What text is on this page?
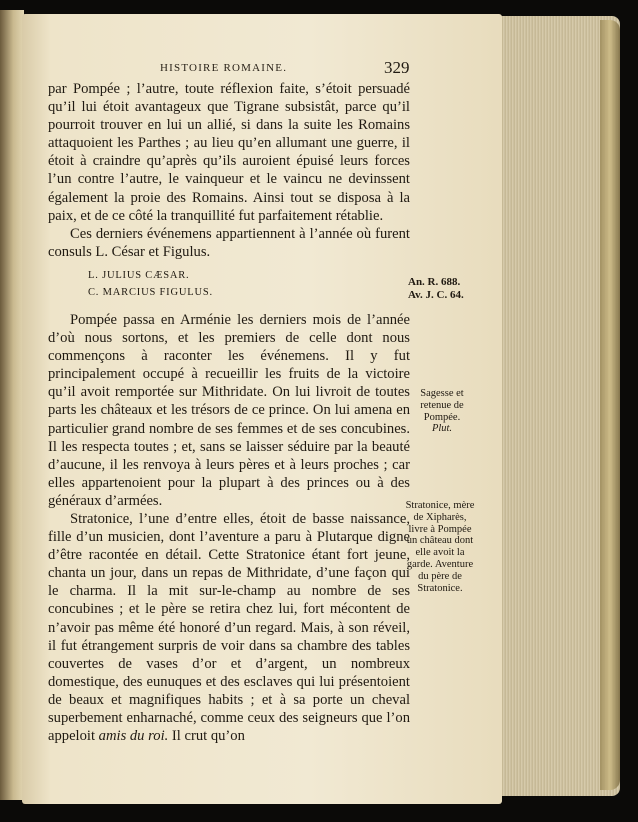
HISTOIRE ROMAINE.	329

par Pompée ; l’autre, toute réflexion faite, s’étoit persuadé qu’il lui étoit avantageux que Tigrane subsistât, parce qu’il pourroit trouver en lui un allié, si dans la suite les Romains attaquoient les Parthes ; au lieu qu’en allumant une guerre, il étoit à craindre qu’après qu’ils auroient épuisé leurs forces l’un contre l’autre, le vainqueur et le vaincu ne devinssent également la proie des Romains. Ainsi tout se disposa à la paix, et de ce côté la tranquillité fut parfaitement rétablie.

Ces derniers événemens appartiennent à l’année où furent consuls L. César et Figulus.

L. JULIUS CÆSAR.
C. MARCIUS FIGULUS.

Pompée passa en Arménie les derniers mois de l’année d’où nous sortons, et les premiers de celle dont nous commençons à raconter les événemens. Il y fut principalement occupé à recueillir les fruits de la victoire qu’il avoit remportée sur Mithridate. On lui livroit de toutes parts les châteaux et les trésors de ce prince. On lui amena en particulier grand nombre de ses femmes et de ses concubines. Il les respecta toutes ; et, sans se laisser séduire par la beauté d’aucune, il les renvoya à leurs pères et à leurs proches ; car elles appartenoient pour la plupart à des princes ou à des généraux d’armées.

Stratonice, l’une d’entre elles, étoit de basse naissance, fille d’un musicien, dont l’aventure a paru à Plutarque digne d’être racontée en détail. Cette Stratonice étant fort jeune, chanta un jour, dans un repas de Mithridate, d’une façon qui le charma. Il la mit sur-le-champ au nombre de ses concubines ; et le père se retira chez lui, fort mécontent de n’avoir pas même été honoré d’un regard. Mais, à son réveil, il fut étrangement surpris de voir dans sa chambre des tables couvertes de vases d’or et d’argent, un nombreux domestique, des eunuques et des esclaves qui lui présentoient de beaux et magnifiques habits ; et à sa porte un cheval superbement enharnaché, comme ceux des seigneurs que l’on appeloit amis du roi. Il crut qu’on

An. R. 688.
Av. J. C. 64.
Sagesse et retenue de Pompée.
Plut.
Stratonice, mère de Xipharès, livre à Pompée un château dont elle avoit la garde. Aventure du père de Stratonice.
